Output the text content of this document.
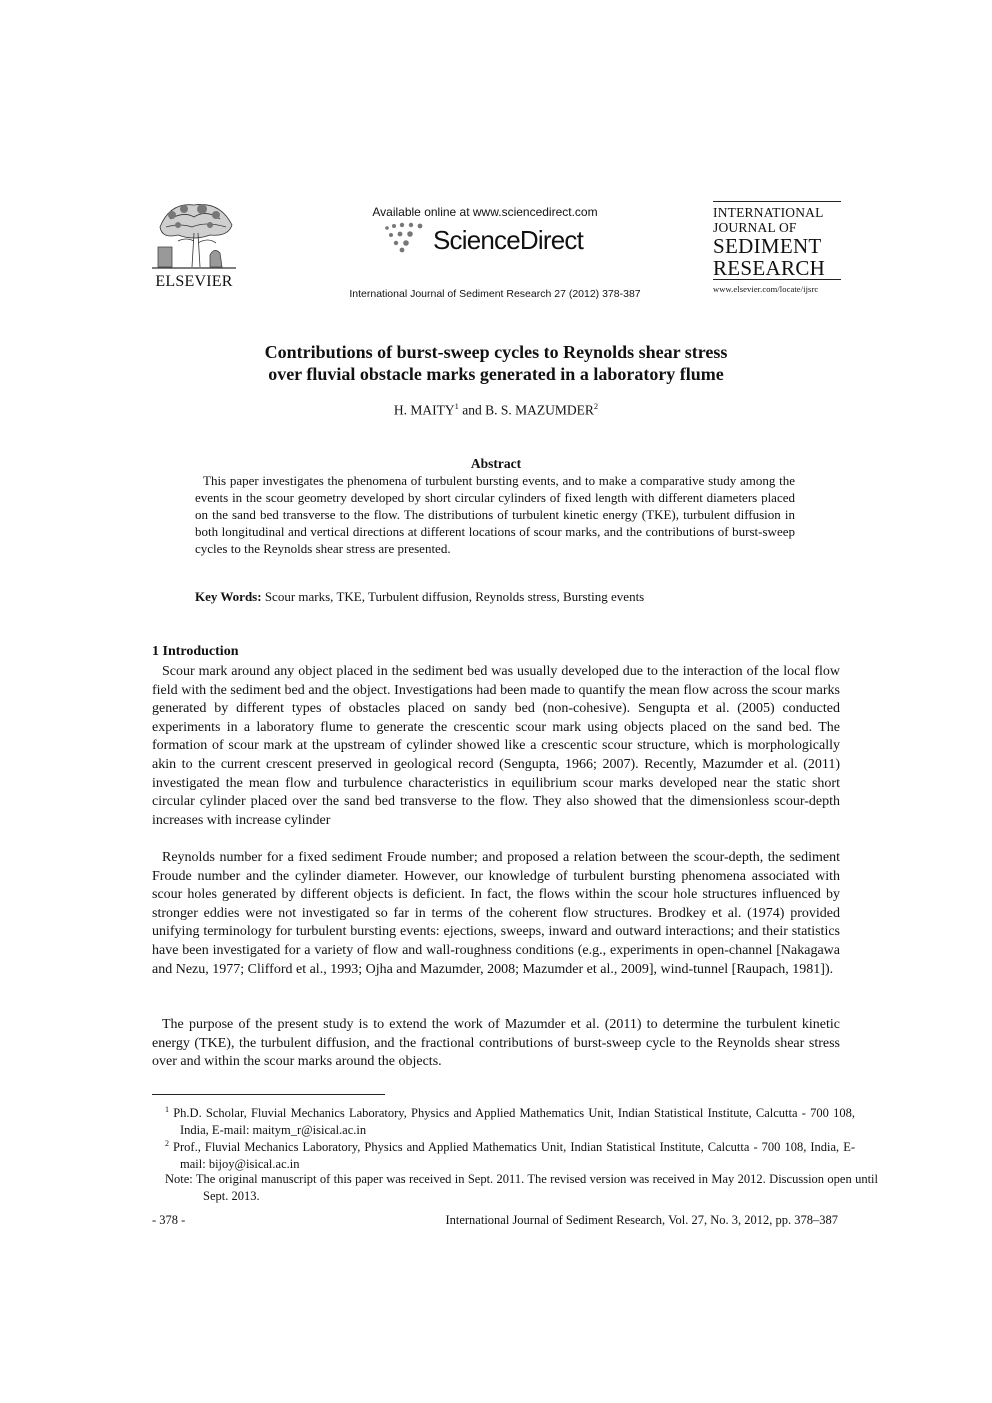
ELSEVIER
Available online at www.sciencedirect.com
ScienceDirect
International Journal of Sediment Research 27 (2012) 378-387
INTERNATIONAL
JOURNAL OF
SEDIMENT
RESEARCH
www.elsevier.com/locate/ijsrc
Contributions of burst-sweep cycles to Reynolds shear stress
over fluvial obstacle marks generated in a laboratory flume
H. MAITY$^1$ and B. S. MAZUMDER$^2$
Abstract
This paper investigates the phenomena of turbulent bursting events, and to make a comparative study among the events in the scour geometry developed by short circular cylinders of fixed length with different diameters placed on the sand bed transverse to the flow. The distributions of turbulent kinetic energy (TKE), turbulent diffusion in both longitudinal and vertical directions at different locations of scour marks, and the contributions of burst-sweep cycles to the Reynolds shear stress are presented.
Key Words: Scour marks, TKE, Turbulent diffusion, Reynolds stress, Bursting events
1 Introduction
Scour mark around any object placed in the sediment bed was usually developed due to the interaction of the local flow field with the sediment bed and the object. Investigations had been made to quantify the mean flow across the scour marks generated by different types of obstacles placed on sandy bed (non-cohesive). Sengupta et al. (2005) conducted experiments in a laboratory flume to generate the crescentic scour mark using objects placed on the sand bed. The formation of scour mark at the upstream of cylinder showed like a crescentic scour structure, which is morphologically akin to the current crescent preserved in geological record (Sengupta, 1966; 2007). Recently, Mazumder et al. (2011) investigated the mean flow and turbulence characteristics in equilibrium scour marks developed near the static short circular cylinder placed over the sand bed transverse to the flow. They also showed that the dimensionless scour-depth increases with increase cylinder
Reynolds number for a fixed sediment Froude number; and proposed a relation between the scour-depth, the sediment Froude number and the cylinder diameter. However, our knowledge of turbulent bursting phenomena associated with scour holes generated by different objects is deficient. In fact, the flows within the scour hole structures influenced by stronger eddies were not investigated so far in terms of the coherent flow structures. Brodkey et al. (1974) provided unifying terminology for turbulent bursting events: ejections, sweeps, inward and outward interactions; and their statistics have been investigated for a variety of flow and wall-roughness conditions (e.g., experiments in open-channel [Nakagawa and Nezu, 1977; Clifford et al., 1993; Ojha and Mazumder, 2008; Mazumder et al., 2009], wind-tunnel [Raupach, 1981]).
The purpose of the present study is to extend the work of Mazumder et al. (2011) to determine the turbulent kinetic energy (TKE), the turbulent diffusion, and the fractional contributions of burst-sweep cycle to the Reynolds shear stress over and within the scour marks around the objects.
$^1$ Ph.D. Scholar, Fluvial Mechanics Laboratory, Physics and Applied Mathematics Unit, Indian Statistical Institute, Calcutta - 700 108, India, E-mail: maitym_r@isical.ac.in
$^2$ Prof., Fluvial Mechanics Laboratory, Physics and Applied Mathematics Unit, Indian Statistical Institute, Calcutta - 700 108, India, E-mail: bijoy@isical.ac.in
Note: The original manuscript of this paper was received in Sept. 2011. The revised version was received in May 2012. Discussion open until Sept. 2013.
- 378 -	International Journal of Sediment Research, Vol. 27, No. 3, 2012, pp. 378–387
